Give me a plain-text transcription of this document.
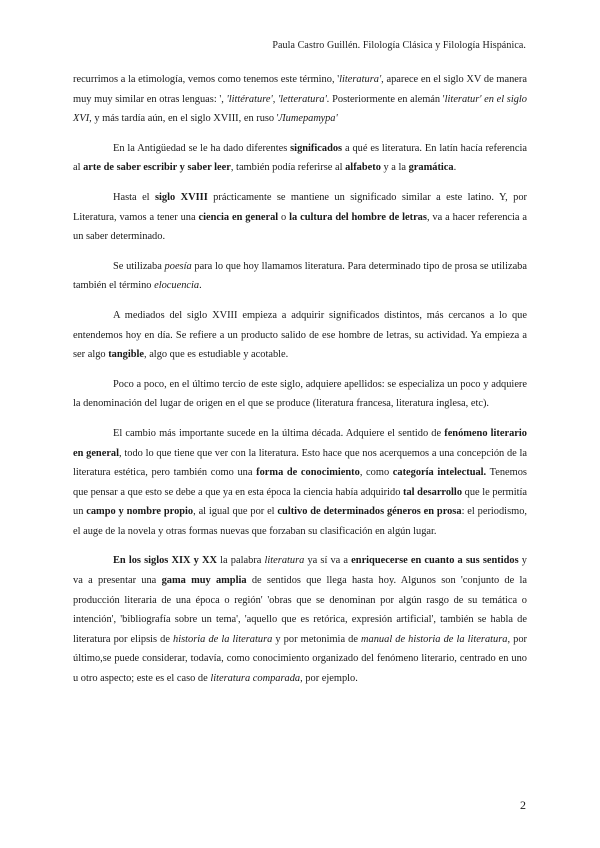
Paula Castro Guillén. Filología Clásica y Filología Hispánica.

recurrimos a la etimología, vemos como tenemos este término, 'literatura', aparece en el siglo XV de manera muy muy similar en otras lenguas: ', 'littérature', 'letteratura'. Posteriormente en alemán 'literatur' en el siglo XVI, y más tardía aún, en el siglo XVIII, en ruso 'Литература'

En la Antigüedad se le ha dado diferentes significados a qué es literatura. En latín hacía referencia al arte de saber escribir y saber leer, también podía referirse al alfabeto y a la gramática.

Hasta el siglo XVIII prácticamente se mantiene un significado similar a este latino. Y, por Literatura, vamos a tener una ciencia en general o la cultura del hombre de letras, va a hacer referencia a un saber determinado.

Se utilizaba poesía para lo que hoy llamamos literatura. Para determinado tipo de prosa se utilizaba también el término elocuencia.

A mediados del siglo XVIII empieza a adquirir significados distintos, más cercanos a lo que entendemos hoy en día. Se refiere a un producto salido de ese hombre de letras, su actividad. Ya empieza a ser algo tangible, algo que es estudiable y acotable.

Poco a poco, en el último tercio de este siglo, adquiere apellidos: se especializa un poco y adquiere la denominación del lugar de origen en el que se produce (literatura francesa, literatura inglesa, etc).

El cambio más importante sucede en la última década. Adquiere el sentido de fenómeno literario en general, todo lo que tiene que ver con la literatura. Esto hace que nos acerquemos a una concepción de la literatura estética, pero también como una forma de conocimiento, como categoría intelectual. Tenemos que pensar a que esto se debe a que ya en esta época la ciencia había adquirido tal desarrollo que le permitía un campo y nombre propio, al igual que por el cultivo de determinados géneros en prosa: el periodismo, el auge de la novela y otras formas nuevas que forzaban su clasificación en algún lugar.

En los siglos XIX y XX la palabra literatura ya sí va a enriquecerse en cuanto a sus sentidos y va a presentar una gama muy amplia de sentidos que llega hasta hoy. Algunos son 'conjunto de la producción literaria de una época o región' 'obras que se denominan por algún rasgo de su temática o intención', 'bibliografía sobre un tema', 'aquello que es retórica, expresión artificial', también se habla de literatura por elipsis de historia de la literatura y por metonimia de manual de historia de la literatura, por último,se puede considerar, todavía, como conocimiento organizado del fenómeno literario, centrado en uno u otro aspecto; este es el caso de literatura comparada, por ejemplo.

2
